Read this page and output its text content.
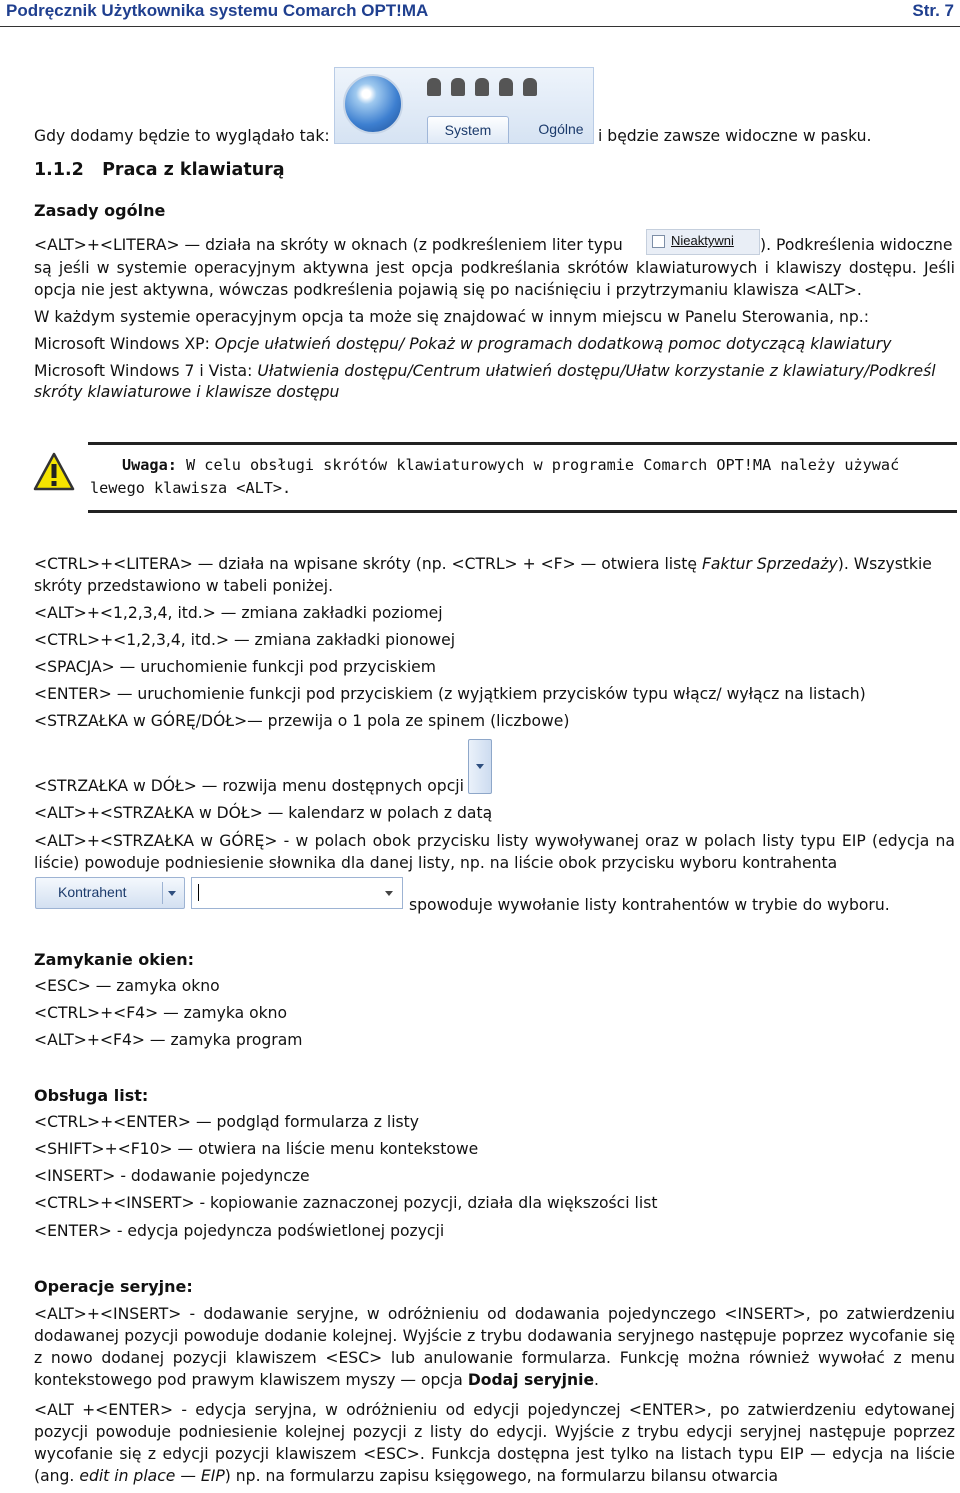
Podręcznik Użytkownika systemu Comarch OPT!MA	Str. 7
Gdy dodamy będzie to wyglądało tak:	System	Ogólne i będzie zawsze widoczne w pasku.
1.1.2 Praca z klawiaturą
Zasady ogólne
<ALT>+<LITERA> — działa na skróty w oknach (z podkreśleniem liter typu	Nieaktywni ). Podkreślenia widoczne
są jeśli w systemie operacyjnym aktywna jest opcja podkreślania skrótów klawiaturowych i klawiszy dostępu. Jeśli opcja nie jest aktywna, wówczas podkreślenia pojawią się po naciśnięciu i przytrzymaniu klawisza <ALT>.
W każdym systemie operacyjnym opcja ta może się znajdować w innym miejscu w Panelu Sterowania, np.:
Microsoft Windows XP: Opcje ułatwień dostępu/ Pokaż w programach dodatkową pomoc dotyczącą klawiatury
Microsoft Windows 7 i Vista: Ułatwienia dostępu/Centrum ułatwień dostępu/Ułatw korzystanie z klawiatury/Podkreśl
skróty klawiaturowe i klawisze dostępu
Uwaga: W celu obsługi skrótów klawiaturowych w programie Comarch OPT!MA należy używać
lewego klawisza <ALT>.
<CTRL>+<LITERA> — działa na wpisane skróty (np. <CTRL> + <F> — otwiera listę Faktur Sprzedaży). Wszystkie
skróty przedstawiono w tabeli poniżej.
<ALT>+<1,2,3,4, itd.> — zmiana zakładki poziomej
<CTRL>+<1,2,3,4, itd.> — zmiana zakładki pionowej
<SPACJA> — uruchomienie funkcji pod przyciskiem
<ENTER> — uruchomienie funkcji pod przyciskiem (z wyjątkiem przycisków typu włącz/ wyłącz na listach)
<STRZAŁKA w GÓRĘ/DÓŁ>— przewija o 1 pola ze spinem (liczbowe)
<STRZAŁKA w DÓŁ> — rozwija menu dostępnych opcji
<ALT>+<STRZAŁKA w DÓŁ> — kalendarz w polach z datą
<ALT>+<STRZAŁKA w GÓRĘ> - w polach obok przycisku listy wywoływanej oraz w polach listy typu EIP (edycja na liście) powoduje podniesienie słownika dla danej listy, np. na liście obok przycisku wyboru kontrahenta
Kontrahent
spowoduje wywołanie listy kontrahentów w trybie do wyboru.
Zamykanie okien:
<ESC> — zamyka okno
<CTRL>+<F4> — zamyka okno
<ALT>+<F4> — zamyka program
Obsługa list:
<CTRL>+<ENTER> — podgląd formularza z listy
<SHIFT>+<F10> — otwiera na liście menu kontekstowe
<INSERT> - dodawanie pojedyncze
<CTRL>+<INSERT> - kopiowanie zaznaczonej pozycji, działa dla większości list
<ENTER> - edycja pojedyncza podświetlonej pozycji
Operacje seryjne:
<ALT>+<INSERT> - dodawanie seryjne, w odróżnieniu od dodawania pojedynczego <INSERT>, po zatwierdzeniu dodawanej pozycji powoduje dodanie kolejnej. Wyjście z trybu dodawania seryjnego następuje poprzez wycofanie się z nowo dodanej pozycji klawiszem <ESC> lub anulowanie formularza. Funkcję można również wywołać z menu kontekstowego pod prawym klawiszem myszy — opcja Dodaj seryjnie.
<ALT +<ENTER> - edycja seryjna, w odróżnieniu od edycji pojedynczej <ENTER>, po zatwierdzeniu edytowanej pozycji powoduje podniesienie kolejnej pozycji z listy do edycji. Wyjście z trybu edycji seryjnej następuje poprzez wycofanie się z edycji pozycji klawiszem <ESC>. Funkcja dostępna jest tylko na listach typu EIP — edycja na liście (ang. edit in place — EIP) np. na formularzu zapisu księgowego, na formularzu bilansu otwarcia
